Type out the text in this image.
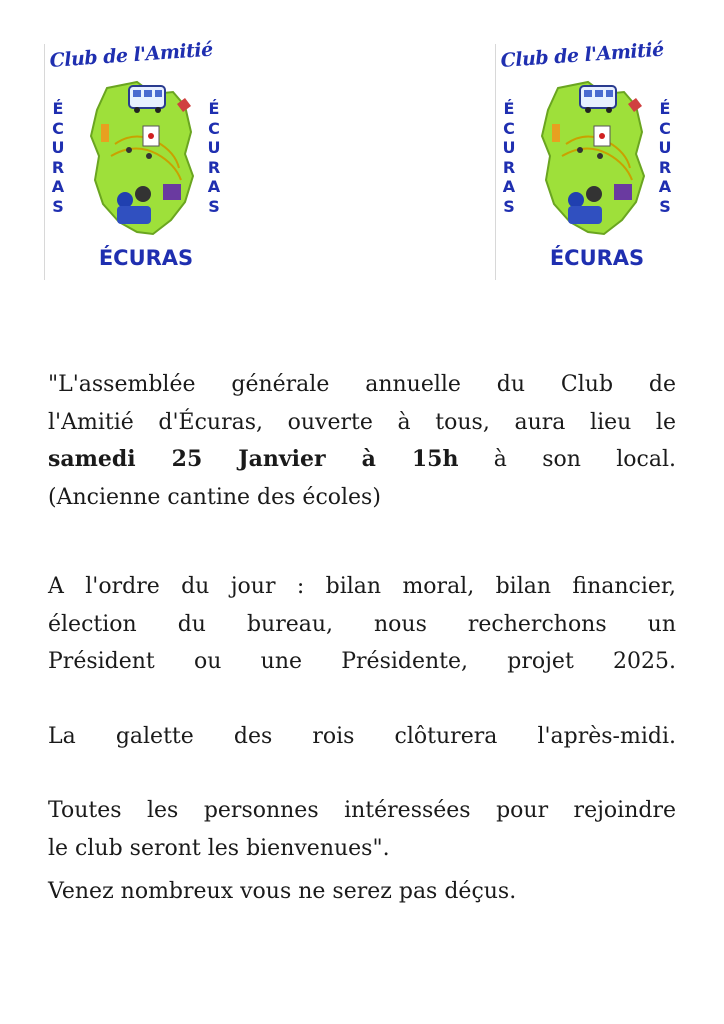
Club de l'Amitié
ÉCURAS
ÉCURAS
ÉCURAS
Club de l'Amitié
ÉCURAS
ÉCURAS
ÉCURAS

"L'assemblée générale annuelle du Club de

l'Amitié d'Écuras, ouverte à tous, aura lieu le

samedi 25 Janvier à 15h à son local.

(Ancienne cantine des écoles)

A l'ordre du jour : bilan moral, bilan financier,

élection du bureau, nous recherchons un

Président ou une Présidente, projet 2025.

La galette des rois clôturera l'après-midi.

Toutes les personnes intéressées pour rejoindre

le club seront les bienvenues".

Venez nombreux vous ne serez pas déçus.
